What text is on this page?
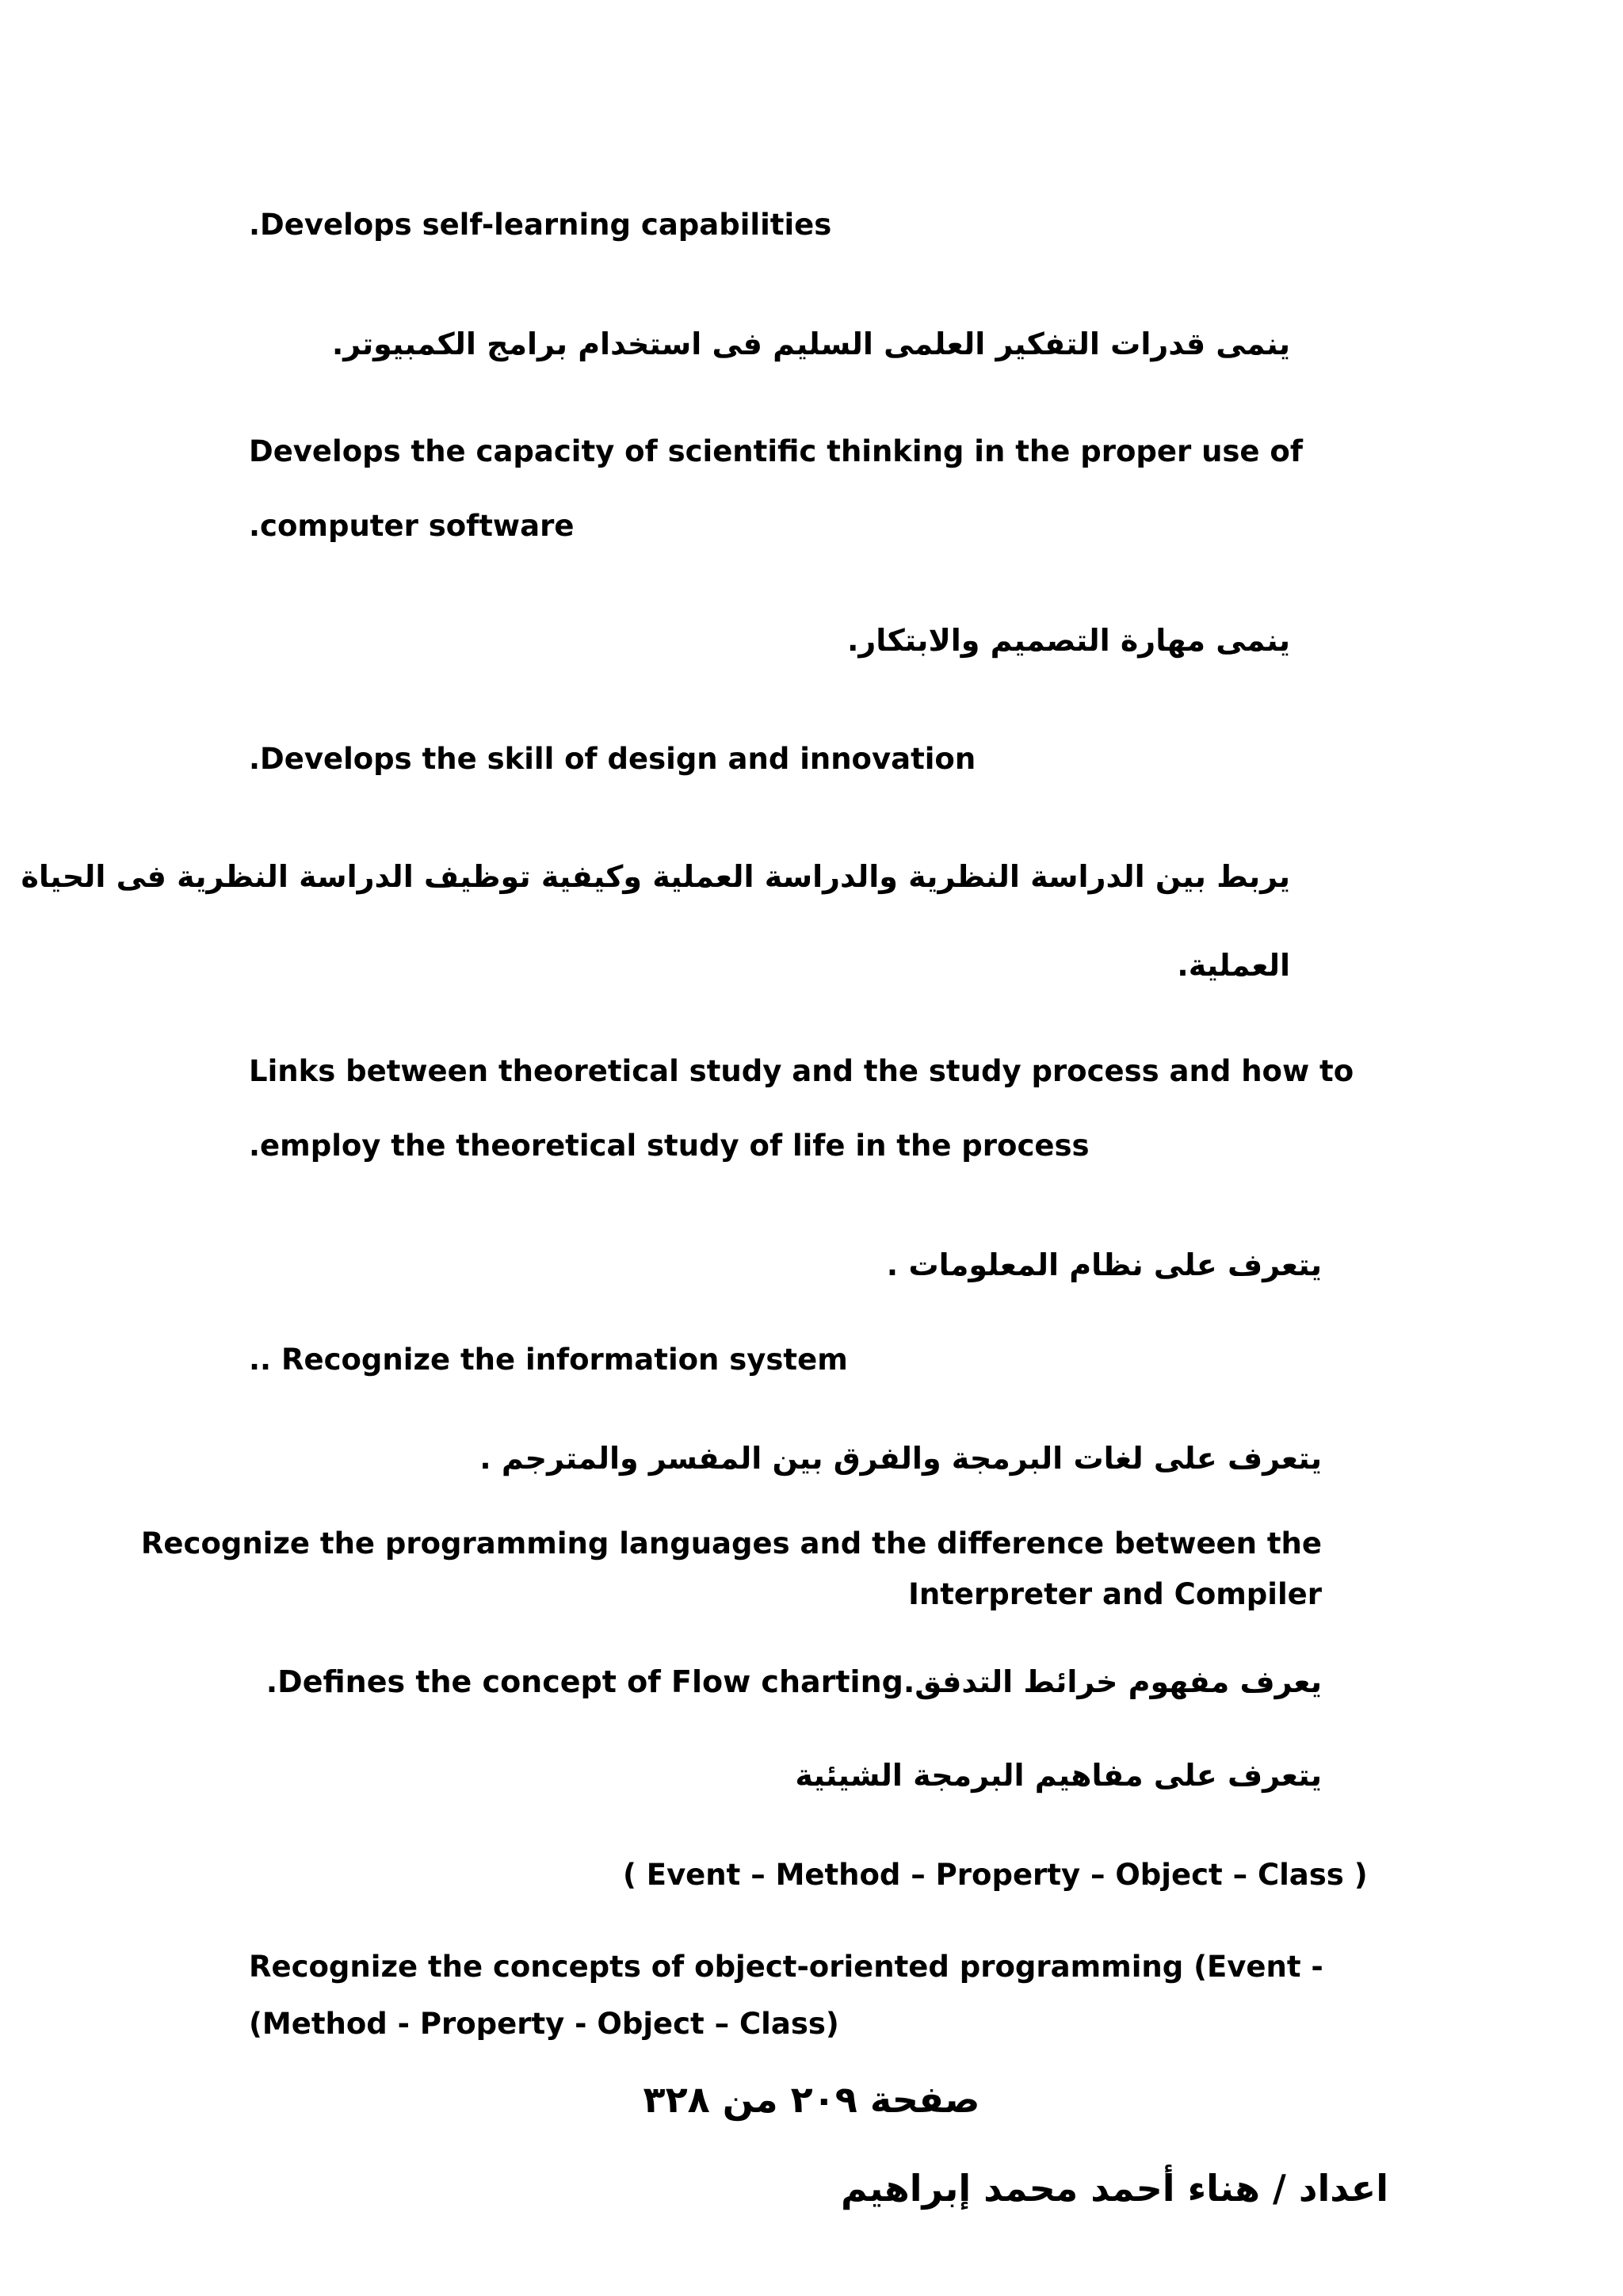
.Develops self-learning capabilities

ينمى قدرات التفكير العلمى السليم فى استخدام برامج الكمبيوتر.

Develops the capacity of scientific thinking in the proper use of

.computer software

ينمى مهارة التصميم والابتكار.

.Develops the skill of design and innovation

يربط بين الدراسة النظرية والدراسة العملية وكيفية توظيف الدراسة النظرية فى الحياة

العملية.

Links between theoretical study and the study process and how to

.employ the theoretical study of life in the process

يتعرف على نظام المعلومات .

.. Recognize the information system

يتعرف على لغات البرمجة والفرق بين المفسر والمترجم .

Recognize the programming languages and the difference between the

Interpreter and Compiler

يعرف مفهوم خرائط التدفق.Defines the concept of Flow charting.

يتعرف على مفاهيم البرمجة الشيئية

( Event – Method – Property – Object – Class )

Recognize the concepts of object-oriented programming (Event -

(Method - Property - Object – Class)

صفحة ٢٠٩ من ٣٢٨

اعداد / هناء أحمد محمد إبراهيم
